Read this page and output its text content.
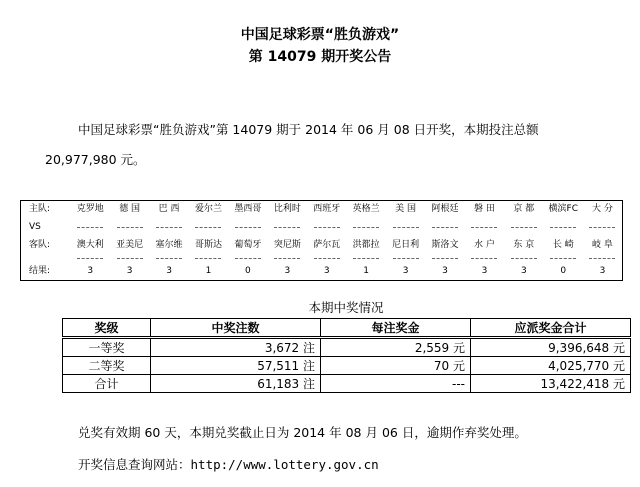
中国足球彩票“胜负游戏”
第 14079 期开奖公告
中国足球彩票“胜负游戏”第 14079 期于 2014 年 06 月 08 日开奖，本期投注总额
20,977,980 元。
主队:	克罗地	德 国	巴 西	爱尔兰	墨西哥	比利时	西班牙	英格兰	美 国	阿根廷	磐 田	京 都	横滨FC	大 分
VS	

客队:	澳大利	亚美尼	塞尔维	哥斯达	葡萄牙	突尼斯	萨尔瓦	洪都拉	尼日利	斯洛文	水 户	东 京	长 崎	岐 阜

结果:	3	3	3	1	0	3	3	1	3	3	3	3	0	3
本期中奖情况
奖级	中奖注数	每注奖金	应派奖金合计
一等奖	3,672 注	2,559 元	9,396,648 元
二等奖	57,511 注	70 元	4,025,770 元
合计	61,183 注	---	13,422,418 元
兑奖有效期 60 天，本期兑奖截止日为 2014 年 08 月 06 日，逾期作弃奖处理。
开奖信息查询网站：http://www.lottery.gov.cn
